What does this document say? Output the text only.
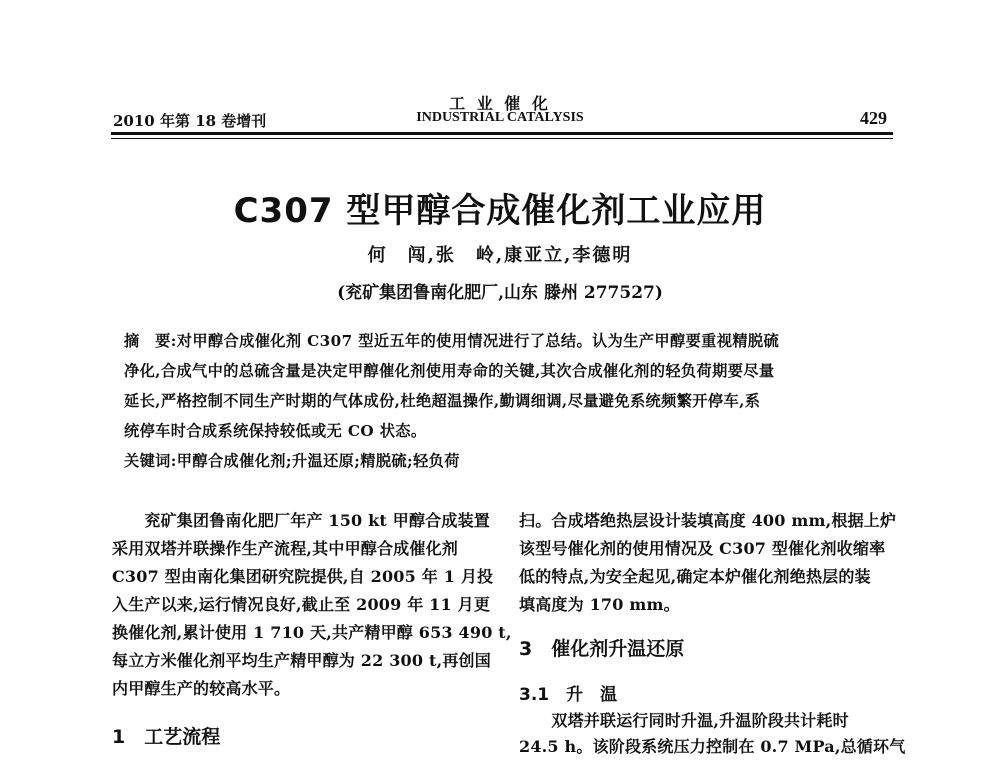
2010 年第 18 卷增刊
工 业 催 化
INDUSTRIAL CATALYSIS	429
C307 型甲醇合成催化剂工业应用
何　闯,张　岭,康亚立,李德明
(兖矿集团鲁南化肥厂,山东 滕州 277527)
摘　要:对甲醇合成催化剂 C307 型近五年的使用情况进行了总结。认为生产甲醇要重视精脱硫
净化,合成气中的总硫含量是决定甲醇催化剂使用寿命的关键,其次合成催化剂的轻负荷期要尽量
延长,严格控制不同生产时期的气体成份,杜绝超温操作,勤调细调,尽量避免系统频繁开停车,系
统停车时合成系统保持较低或无 CO 状态。
关键词:甲醇合成催化剂;升温还原;精脱硫;轻负荷
　　兖矿集团鲁南化肥厂年产 150 kt 甲醇合成装置
采用双塔并联操作生产流程,其中甲醇合成催化剂
C307 型由南化集团研究院提供,自 2005 年 1 月投
入生产以来,运行情况良好,截止至 2009 年 11 月更
换催化剂,累计使用 1 710 天,共产精甲醇 653 490 t,
每立方米催化剂平均生产精甲醇为 22 300 t,再创国
内甲醇生产的较高水平。
1　工艺流程
扫。合成塔绝热层设计装填高度 400 mm,根据上炉
该型号催化剂的使用情况及 C307 型催化剂收缩率
低的特点,为安全起见,确定本炉催化剂绝热层的装
填高度为 170 mm。
3　催化剂升温还原
3.1　升　温
　　双塔并联运行同时升温,升温阶段共计耗时
24.5 h。该阶段系统压力控制在 0.7 MPa,总循环气
